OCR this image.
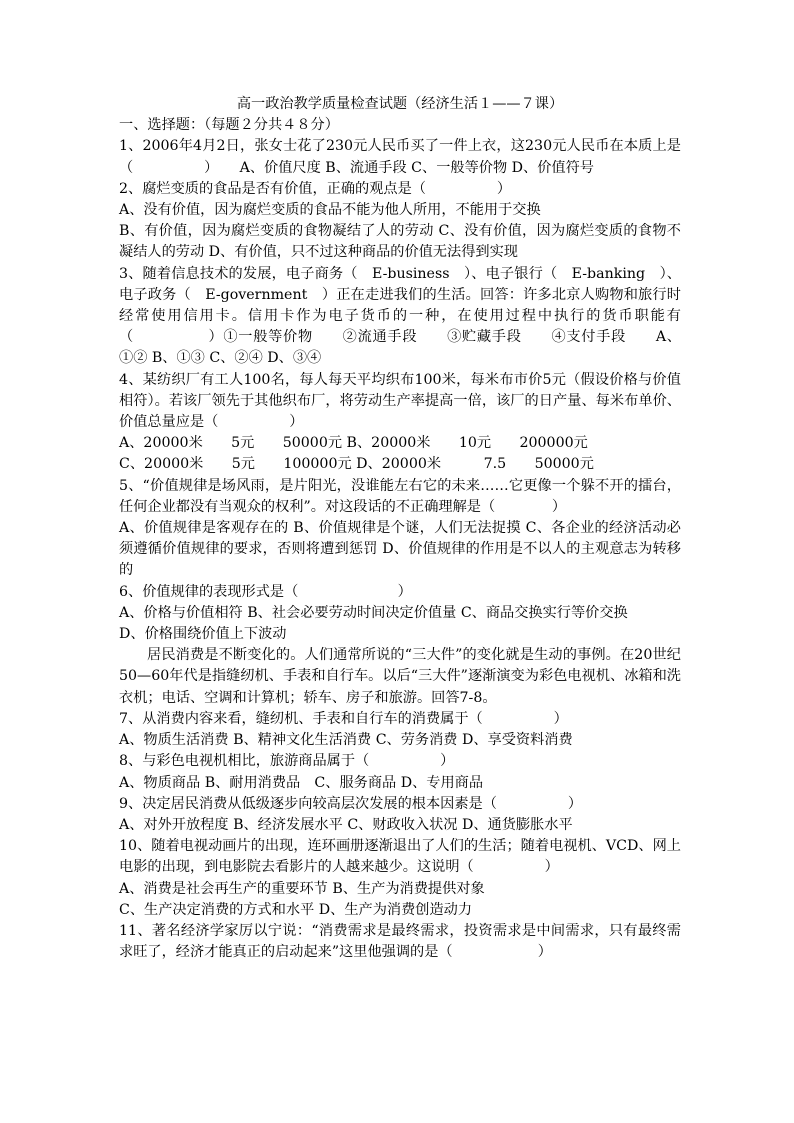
高一政治教学质量检查试题（经济生活１——７课）
一、选择题：（每题２分共４８分）
1、2006年4月2日，张女士花了230元人民币买了一件上衣，这230元人民币在本质上是（　　　　　）　　A、价值尺度 B、流通手段 C、一般等价物 D、价值符号
2、腐烂变质的食品是否有价值，正确的观点是（　　　　　）
A、没有价值，因为腐烂变质的食品不能为他人所用，不能用于交换
B、有价值，因为腐烂变质的食物凝结了人的劳动 C、没有价值，因为腐烂变质的食物不凝结人的劳动 D、有价值，只不过这种商品的价值无法得到实现
3、随着信息技术的发展，电子商务（　E-business　）、电子银行（　E-banking　）、电子政务（　E-government　）正在走进我们的生活。回答：许多北京人购物和旅行时经常使用信用卡。信用卡作为电子货币的一种，在使用过程中执行的货币职能有（　　　　　）①一般等价物　　②流通手段　　③贮藏手段　　④支付手段　　A、①② B、①③ C、②④ D、③④
4、某纺织厂有工人100名，每人每天平均织布100米，每米布市价5元（假设价格与价值相符）。若该厂领先于其他织布厂，将劳动生产率提高一倍，该厂的日产量、每米布单价、价值总量应是（　　　　　）
A、20000米　　5元　　50000元 B、20000米　　10元　　200000元
C、20000米　　5元　　100000元 D、20000米　　　7.5　　50000元
5、“价值规律是场风雨，是片阳光，没谁能左右它的未来……它更像一个躲不开的擂台，任何企业都没有当观众的权利”。对这段话的不正确理解是（　　　　）
A、价值规律是客观存在的 B、价值规律是个谜，人们无法捉摸 C、各企业的经济活动必须遵循价值规律的要求，否则将遭到惩罚 D、价值规律的作用是不以人的主观意志为转移的
6、价值规律的表现形式是（　　　　　　　）
A、价格与价值相符 B、社会必要劳动时间决定价值量 C、商品交换实行等价交换
D、价格围绕价值上下波动
居民消费是不断变化的。人们通常所说的“三大件”的变化就是生动的事例。在20世纪50—60年代是指缝纫机、手表和自行车。以后“三大件”逐渐演变为彩色电视机、冰箱和洗衣机；电话、空调和计算机；轿车、房子和旅游。回答7-8。
7、从消费内容来看，缝纫机、手表和自行车的消费属于（　　　　　）
A、物质生活消费 B、精神文化生活消费 C、劳务消费 D、享受资料消费
8、与彩色电视机相比，旅游商品属于（　　　　　）
A、物质商品 B、耐用消费品　C、服务商品 D、专用商品
9、决定居民消费从低级逐步向较高层次发展的根本因素是（　　　　　）
A、对外开放程度 B、经济发展水平 C、财政收入状况 D、通货膨胀水平
10、随着电视动画片的出现，连环画册逐渐退出了人们的生活；随着电视机、VCD、网上电影的出现，到电影院去看影片的人越来越少。这说明（　　　　　）
A、消费是社会再生产的重要环节 B、生产为消费提供对象
C、生产决定消费的方式和水平 D、生产为消费创造动力
11、著名经济学家厉以宁说：“消费需求是最终需求，投资需求是中间需求，只有最终需求旺了，经济才能真正的启动起来”这里他强调的是（　　　　　　）
